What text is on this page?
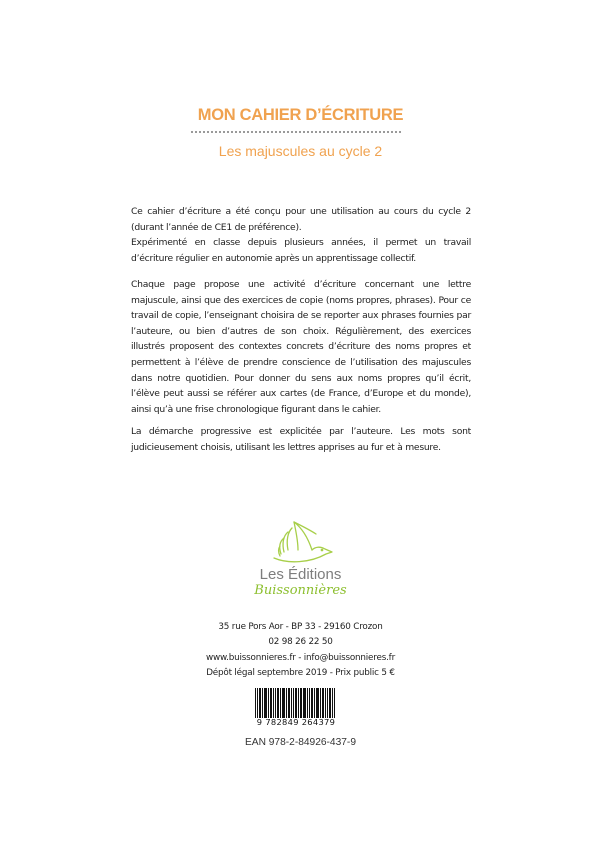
MON CAHIER D’ÉCRITURE
Les majuscules au cycle 2

Ce cahier d’écriture a été conçu pour une utilisation au cours du cycle 2 (durant l’année de CE1 de préférence).

Expérimenté en classe depuis plusieurs années, il permet un travail d’écriture régulier en autonomie après un apprentissage collectif.

Chaque page propose une activité d’écriture concernant une lettre majuscule, ainsi que des exercices de copie (noms propres, phrases). Pour ce travail de copie, l’enseignant choisira de se reporter aux phrases fournies par l’auteure, ou bien d’autres de son choix. Régulièrement, des exercices illustrés proposent des contextes concrets d’écriture des noms propres et permettent à l’élève de prendre conscience de l’utilisation des majuscules dans notre quotidien. Pour donner du sens aux noms propres qu’il écrit, l’élève peut aussi se référer aux cartes (de France, d’Europe et du monde), ainsi qu’à une frise chronologique figurant dans le cahier.

La démarche progressive est explicitée par l’auteure. Les mots sont judicieusement choisis, utilisant les lettres apprises au fur et à mesure.

Les Éditions
Buissonnières
35 rue Pors Aor - BP 33 - 29160 Crozon
02 98 26 22 50
www.buissonnieres.fr - info@buissonnieres.fr
Dépôt légal septembre 2019 - Prix public 5 €
9 782849 264379
EAN 978-2-84926-437-9
